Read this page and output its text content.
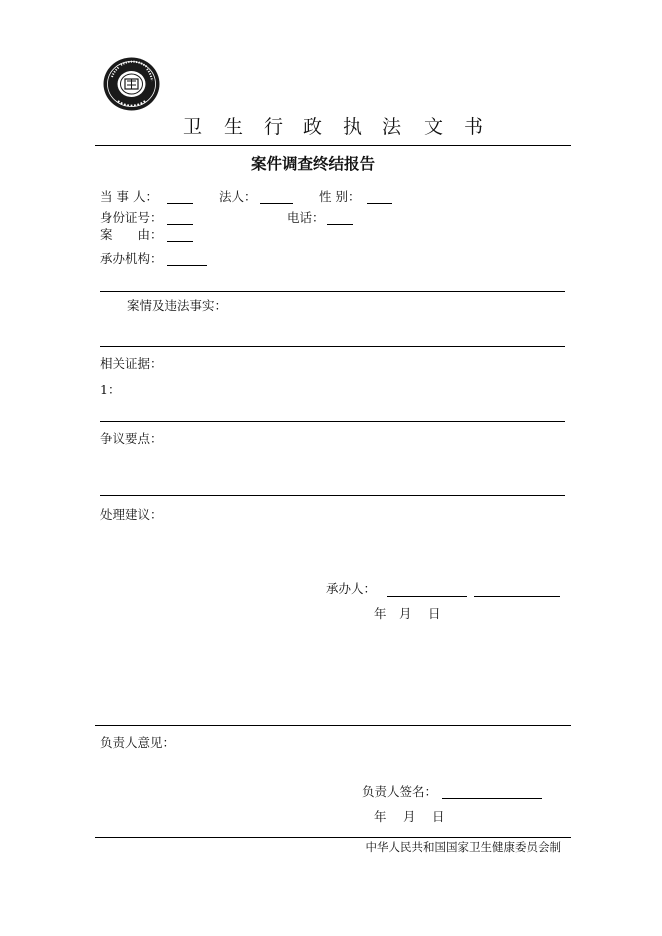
卫 生 行 政 执 法 文 书
案件调查终结报告
当 事 人：	法人：	性 别：
身份证号：	电话：
案　　由：
承办机构：
案情及违法事实：
相关证据：
1：
争议要点：
处理建议：
承办人：
年　月　 日
负责人意见：
负责人签名：
年　 月　 日
中华人民共和国国家卫生健康委员会制
